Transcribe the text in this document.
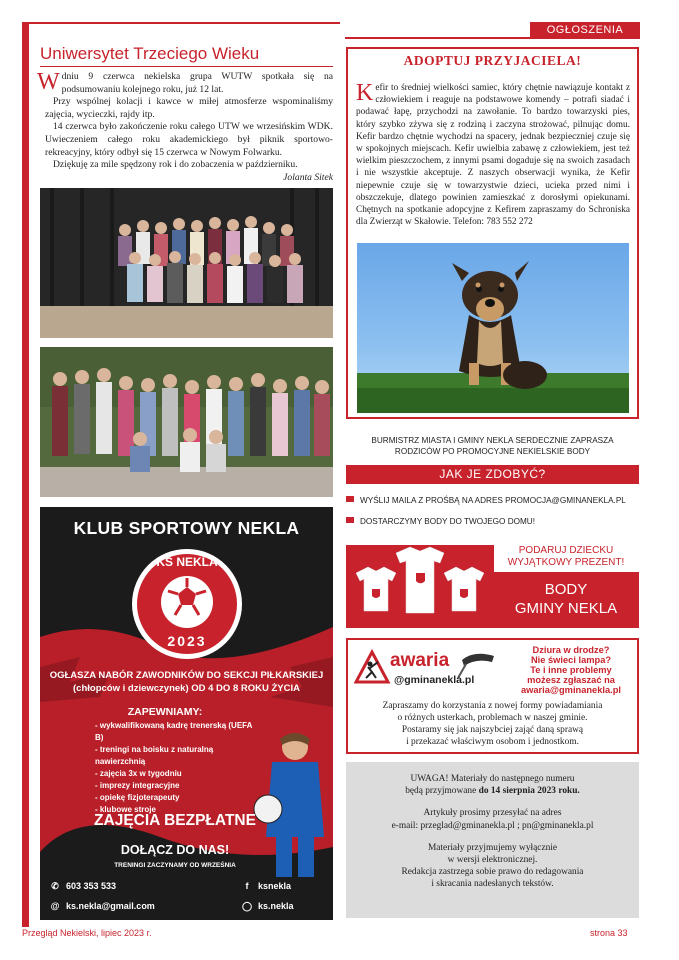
OGŁOSZENIA
Uniwersytet Trzeciego Wieku

Wdniu 9 czerwca nekielska grupa WUTW spotkała się na podsumowaniu kolejnego roku, już 12 lat.

Przy wspólnej kolacji i kawce w miłej atmosferze wspominaliśmy zajęcia, wycieczki, rajdy itp.

14 czerwca było zakończenie roku całego UTW we wrzesińskim WDK. Uwieczeniem całego roku akademickiego był piknik sportowo-rekreacyjny, który odbył się 15 czerwca w Nowym Folwarku.

Dziękuję za mile spędzony rok i do zobaczenia w październiku.

Jolanta Sitek
ADOPTUJ PRZYJACIELA!
Kefir to średniej wielkości samiec, który chętnie nawiązuje kontakt z człowiekiem i reaguje na podstawowe komendy – potrafi siadać i podawać łapę, przychodzi na zawołanie. To bardzo towarzyski pies, który szybko zżywa się z rodziną i zaczyna strożować, pilnując domu. Kefir bardzo chętnie wychodzi na spacery, jednak bezpieczniej czuje się w spokojnych miejscach. Kefir uwielbia zabawę z człowiekiem, jest też wielkim pieszczochem, z innymi psami dogaduje się na swoich zasadach i nie wszystkie akceptuje. Z naszych obserwacji wynika, że Kefir niepewnie czuje się w towarzystwie dzieci, ucieka przed nimi i obszczekuje, dlatego powinien zamieszkać z dorosłymi opiekunami. Chętnych na spotkanie adopcyjne z Kefirem zapraszamy do Schroniska dla Zwierząt w Skałowie. Telefon: 783 552 272
BURMISTRZ MIASTA I GMINY NEKLA SERDECZNIE ZAPRASZA
RODZICÓW PO PROMOCYJNE NEKIELSKIE BODY
JAK JE ZDOBYĆ?
WYŚLIJ MAILA Z PROŚBĄ NA ADRES PROMOCJA@GMINANEKLA.PL
DOSTARCZYMY BODY DO TWOJEGO DOMU!
PODARUJ DZIECKU
WYJĄTKOWY PREZENT!
BODY
GMINY NEKLA
awaria
@gminanekla.pl
Dziura w drodze?
Nie świeci lampa?
Te i inne problemy
możesz zgłaszać na
awaria@gminanekla.pl
Zapraszamy do korzystania z nowej formy powiadamiania
o różnych usterkach, problemach w naszej gminie.
Postaramy się jak najszybciej zająć daną sprawą
i przekazać właściwym osobom i jednostkom.
UWAGA! Materiały do następnego numeru
będą przyjmowane do 14 sierpnia 2023 roku.
Artykuły prosimy przesyłać na adres
e-mail: przeglad@gminanekla.pl ; pn@gminanekla.pl
Materiały przyjmujemy wyłącznie
w wersji elektronicznej.
Redakcja zastrzega sobie prawo do redagowania
i skracania nadesłanych tekstów.
KLUB SPORTOWY NEKLA
KS NEKLA
2023
OGŁASZA NABÓR ZAWODNIKÓW DO SEKCJI PIŁKARSKIEJ
(chłopców i dziewczynek) OD 4 DO 8 ROKU ŻYCIA
ZAPEWNIAMY:
- wykwalifikowaną kadrę trenerską (UEFA B)
- treningi na boisku z naturalną nawierzchnią
- zajęcia 3x w tygodniu
- imprezy integracyjne
- opiekę fizjoterapeuty
- klubowe stroje
ZAJĘCIA BEZPŁATNE
DOŁĄCZ DO NAS!
TRENINGI ZACZYNAMY OD WRZEŚNIA
✆ 603 353 533
@ ks.nekla@gmail.com
f ksnekla
◯ ks.nekla
Przegląd Nekielski, lipiec 2023 r.	strona 33
